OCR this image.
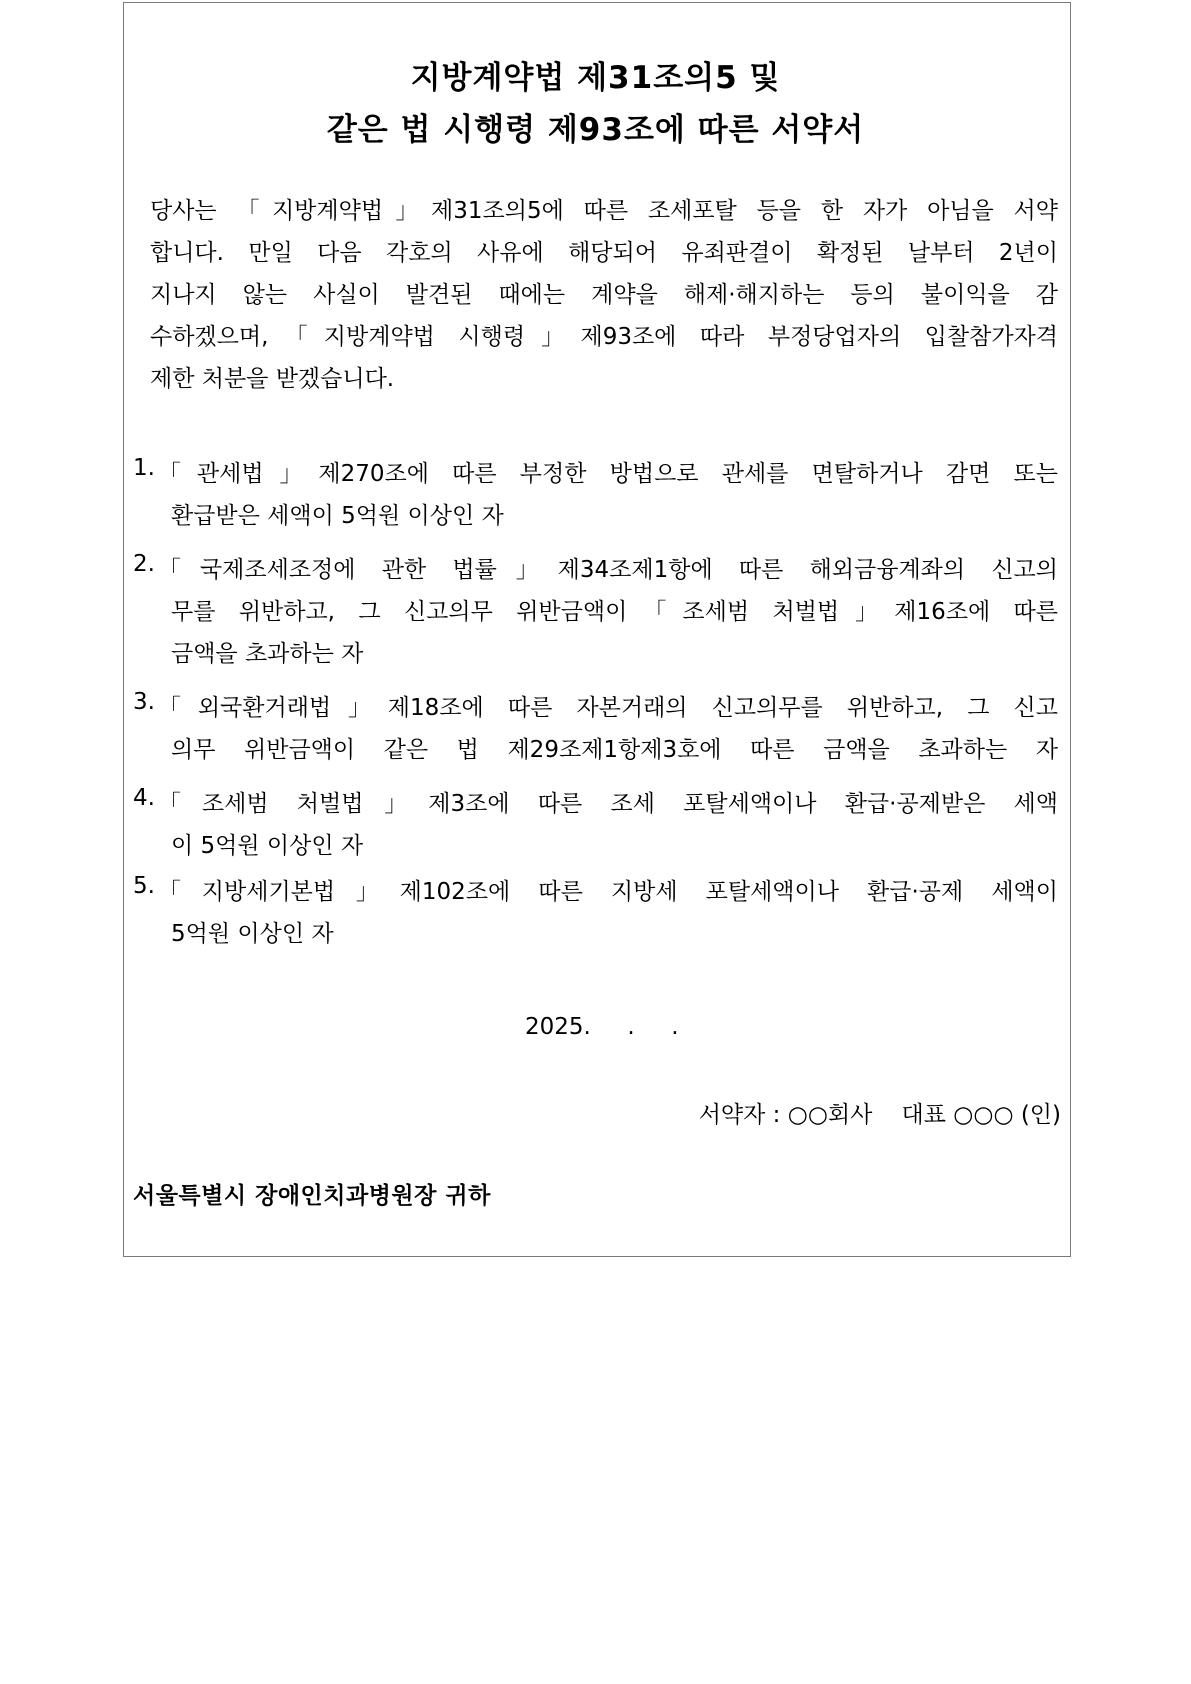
지방계약법 제31조의5 및
같은 법 시행령 제93조에 따른 서약서
당사는 「지방계약법」제31조의5에 따른 조세포탈 등을 한 자가 아님을 서약
합니다. 만일 다음 각호의 사유에 해당되어 유죄판결이 확정된 날부터 2년이
지나지 않는 사실이 발견된 때에는 계약을 해제·해지하는 등의 불이익을 감
수하겠으며,「지방계약법 시행령」제93조에 따라 부정당업자의 입찰참가자격
제한 처분을 받겠습니다.
1. 「관세법」제270조에 따른 부정한 방법으로 관세를 면탈하거나 감면 또는
환급받은 세액이 5억원 이상인 자
2. 「국제조세조정에 관한 법률」제34조제1항에 따른 해외금융계좌의 신고의
무를 위반하고, 그 신고의무 위반금액이「조세범 처벌법」제16조에 따른
금액을 초과하는 자
3. 「외국환거래법」제18조에 따른 자본거래의 신고의무를 위반하고, 그 신고
의무 위반금액이 같은 법 제29조제1항제3호에 따른 금액을 초과하는 자
4. 「조세범 처벌법」제3조에 따른 조세 포탈세액이나 환급·공제받은 세액
이 5억원 이상인 자
5. 「지방세기본법」제102조에 따른 지방세 포탈세액이나 환급·공제 세액이
5억원 이상인 자
2025.     .     .
서약자 : ○○회사    대표 ○○○ (인)
서울특별시 장애인치과병원장 귀하
